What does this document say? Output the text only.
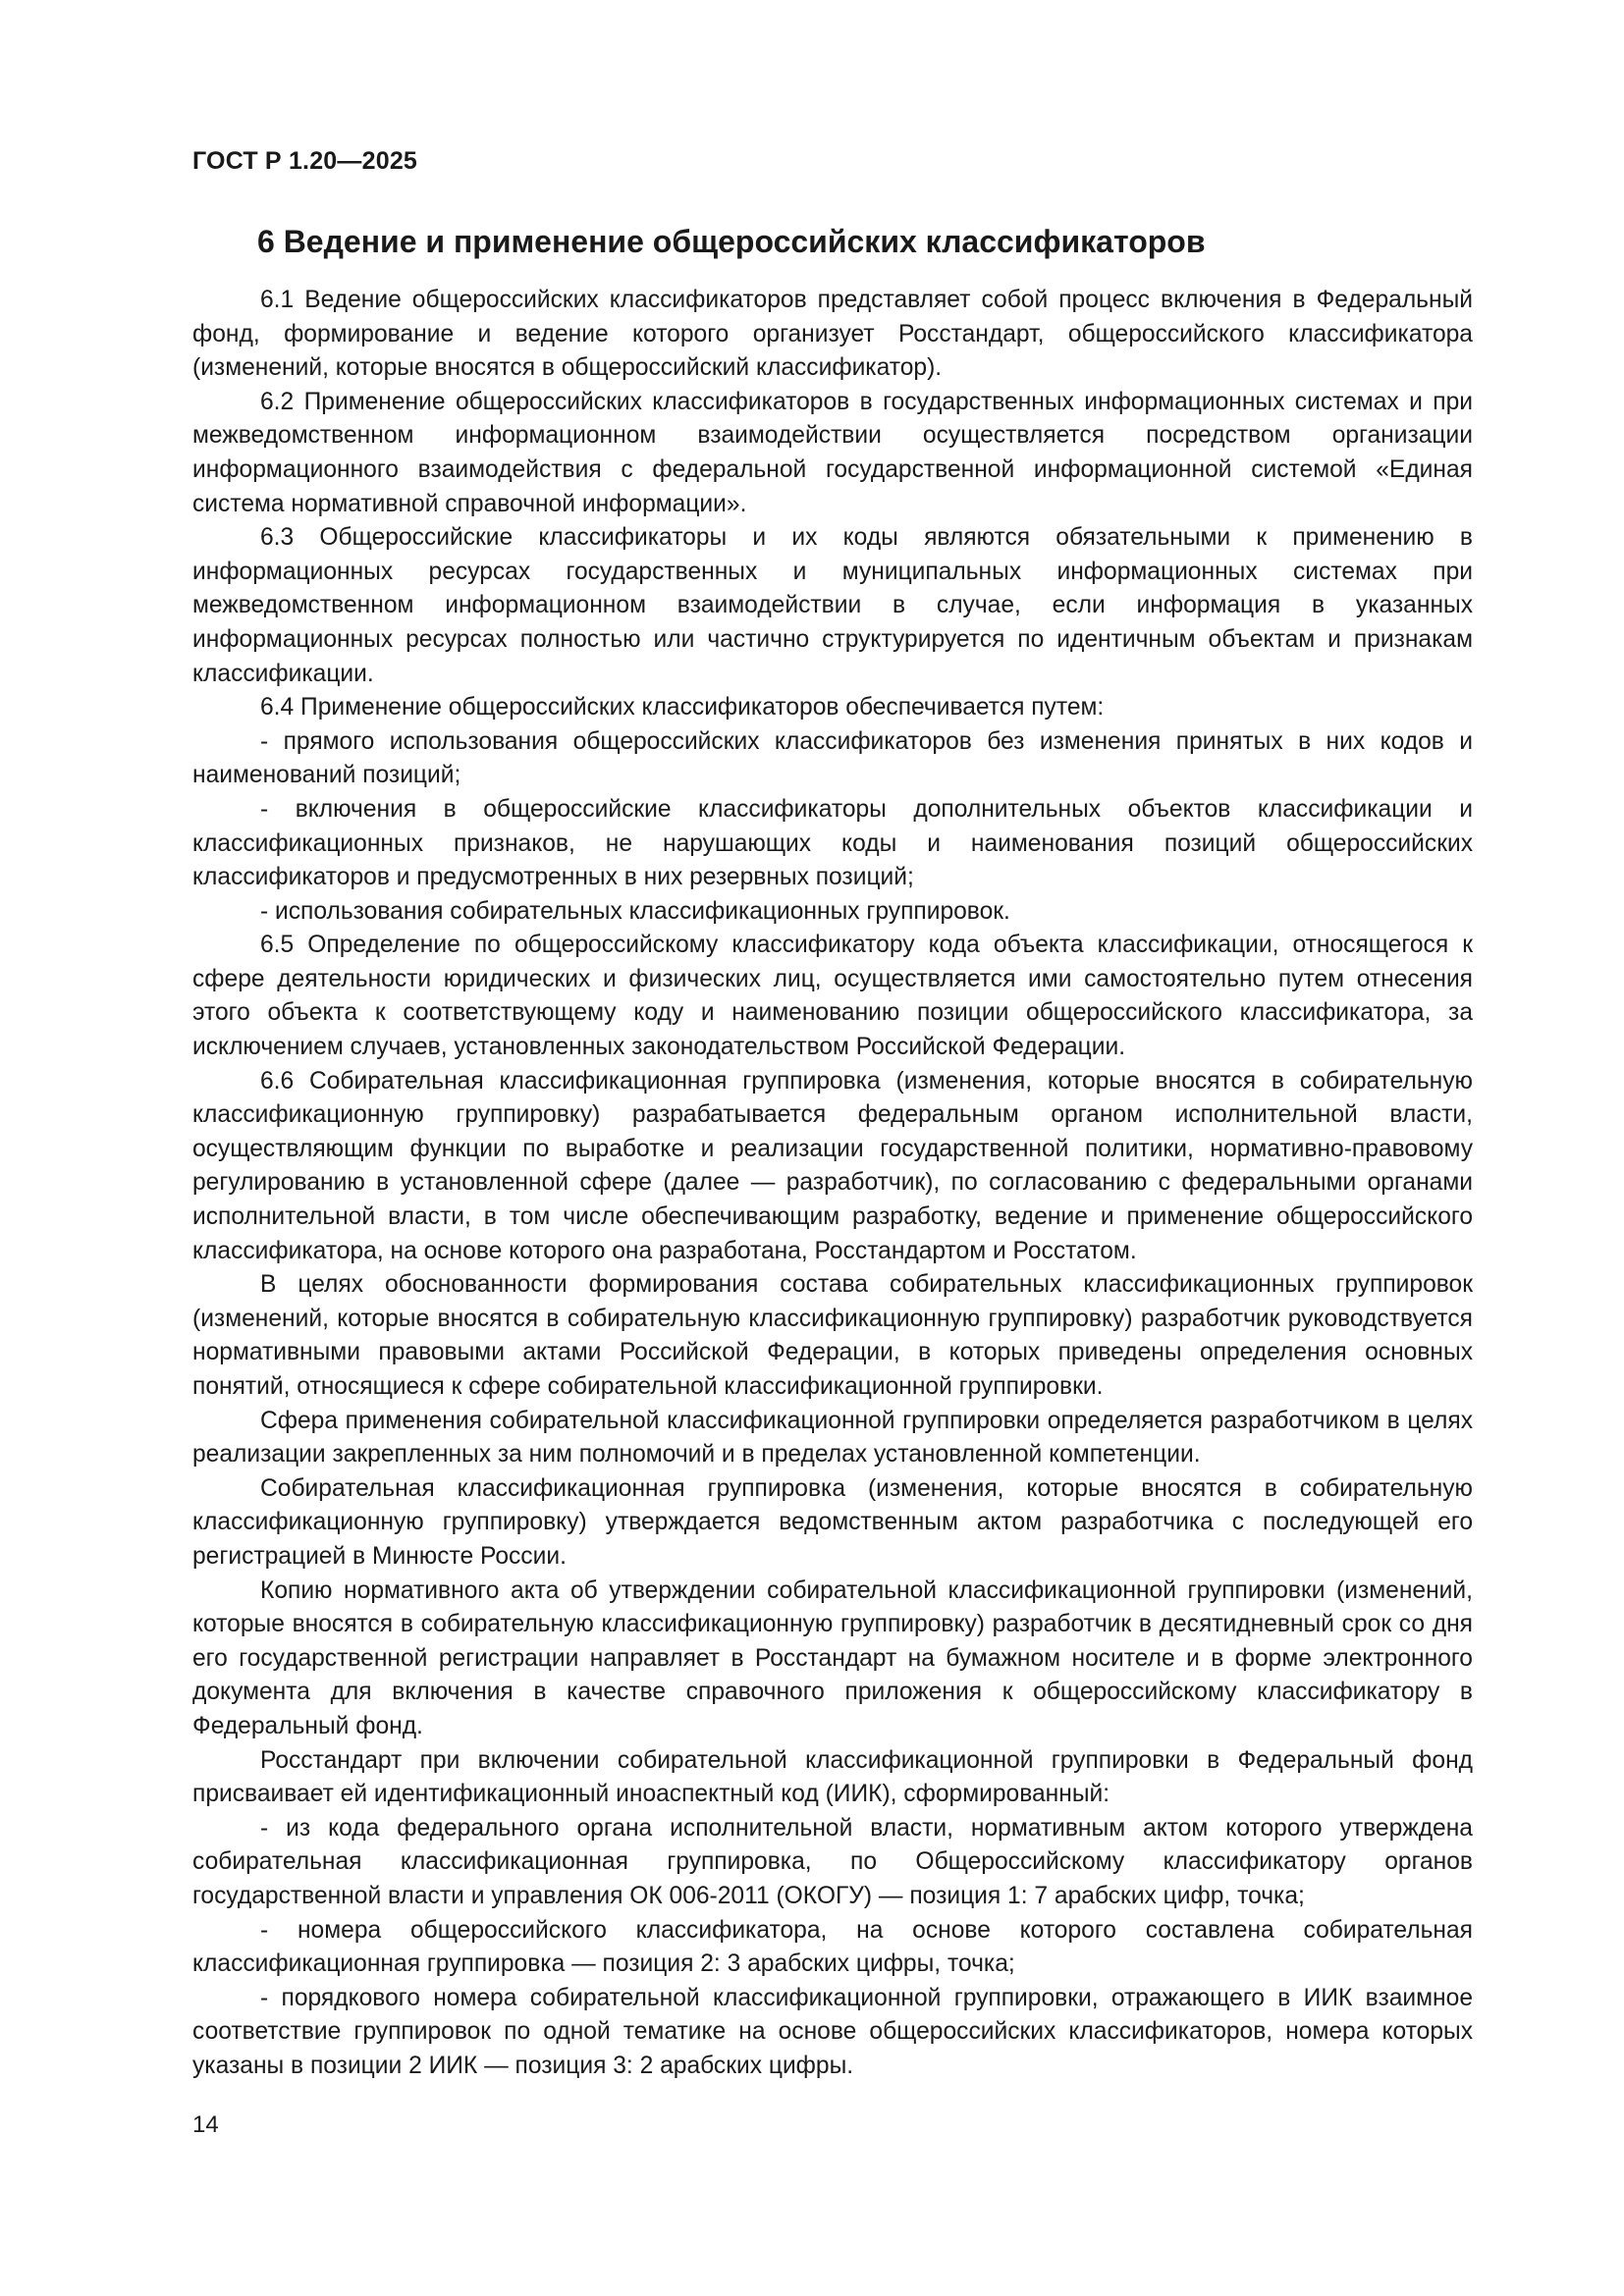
ГОСТ Р 1.20—2025
6 Ведение и применение общероссийских классификаторов

6.1 Ведение общероссийских классификаторов представляет собой процесс включения в Федеральный фонд, формирование и ведение которого организует Росстандарт, общероссийского классификатора (изменений, которые вносятся в общероссийский классификатор).

6.2 Применение общероссийских классификаторов в государственных информационных системах и при межведомственном информационном взаимодействии осуществляется посредством организации информационного взаимодействия с федеральной государственной информационной системой «Единая система нормативной справочной информации».

6.3 Общероссийские классификаторы и их коды являются обязательными к применению в информационных ресурсах государственных и муниципальных информационных системах при межведомственном информационном взаимодействии в случае, если информация в указанных информационных ресурсах полностью или частично структурируется по идентичным объектам и признакам классификации.

6.4 Применение общероссийских классификаторов обеспечивается путем:

- прямого использования общероссийских классификаторов без изменения принятых в них кодов и наименований позиций;

- включения в общероссийские классификаторы дополнительных объектов классификации и классификационных признаков, не нарушающих коды и наименования позиций общероссийских классификаторов и предусмотренных в них резервных позиций;

- использования собирательных классификационных группировок.

6.5 Определение по общероссийскому классификатору кода объекта классификации, относящегося к сфере деятельности юридических и физических лиц, осуществляется ими самостоятельно путем отнесения этого объекта к соответствующему коду и наименованию позиции общероссийского классификатора, за исключением случаев, установленных законодательством Российской Федерации.

6.6 Собирательная классификационная группировка (изменения, которые вносятся в собирательную классификационную группировку) разрабатывается федеральным органом исполнительной власти, осуществляющим функции по выработке и реализации государственной политики, нормативно-правовому регулированию в установленной сфере (далее — разработчик), по согласованию с федеральными органами исполнительной власти, в том числе обеспечивающим разработку, ведение и применение общероссийского классификатора, на основе которого она разработана, Росстандартом и Росстатом.

В целях обоснованности формирования состава собирательных классификационных группировок (изменений, которые вносятся в собирательную классификационную группировку) разработчик руководствуется нормативными правовыми актами Российской Федерации, в которых приведены определения основных понятий, относящиеся к сфере собирательной классификационной группировки.

Сфера применения собирательной классификационной группировки определяется разработчиком в целях реализации закрепленных за ним полномочий и в пределах установленной компетенции.

Собирательная классификационная группировка (изменения, которые вносятся в собирательную классификационную группировку) утверждается ведомственным актом разработчика с последующей его регистрацией в Минюсте России.

Копию нормативного акта об утверждении собирательной классификационной группировки (изменений, которые вносятся в собирательную классификационную группировку) разработчик в десятидневный срок со дня его государственной регистрации направляет в Росстандарт на бумажном носителе и в форме электронного документа для включения в качестве справочного приложения к общероссийскому классификатору в Федеральный фонд.

Росстандарт при включении собирательной классификационной группировки в Федеральный фонд присваивает ей идентификационный иноаспектный код (ИИК), сформированный:

- из кода федерального органа исполнительной власти, нормативным актом которого утверждена собирательная классификационная группировка, по Общероссийскому классификатору органов государственной власти и управления ОК 006-2011 (ОКОГУ) — позиция 1: 7 арабских цифр, точка;

- номера общероссийского классификатора, на основе которого составлена собирательная классификационная группировка — позиция 2: 3 арабских цифры, точка;

- порядкового номера собирательной классификационной группировки, отражающего в ИИК взаимное соответствие группировок по одной тематике на основе общероссийских классификаторов, номера которых указаны в позиции 2 ИИК — позиция 3: 2 арабских цифры.

14
